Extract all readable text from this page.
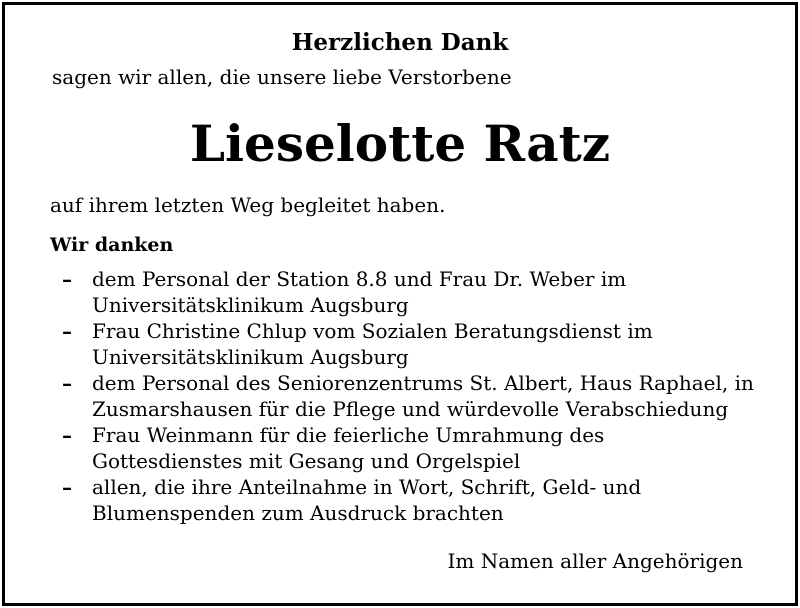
Herzlichen Dank
sagen wir allen, die unsere liebe Verstorbene
Lieselotte Ratz
auf ihrem letzten Weg begleitet haben.
Wir danken
–	dem Personal der Station 8.8 und Frau Dr. Weber im
Universitätsklinikum Augsburg
–	Frau Christine Chlup vom Sozialen Beratungsdienst im
Universitätsklinikum Augsburg
–	dem Personal des Seniorenzentrums St. Albert, Haus Raphael, in
Zusmarshausen für die Pflege und würdevolle Verabschiedung
–	Frau Weinmann für die feierliche Umrahmung des
Gottesdienstes mit Gesang und Orgelspiel
–	allen, die ihre Anteilnahme in Wort, Schrift, Geld- und
Blumenspenden zum Ausdruck brachten
Im Namen aller Angehörigen
